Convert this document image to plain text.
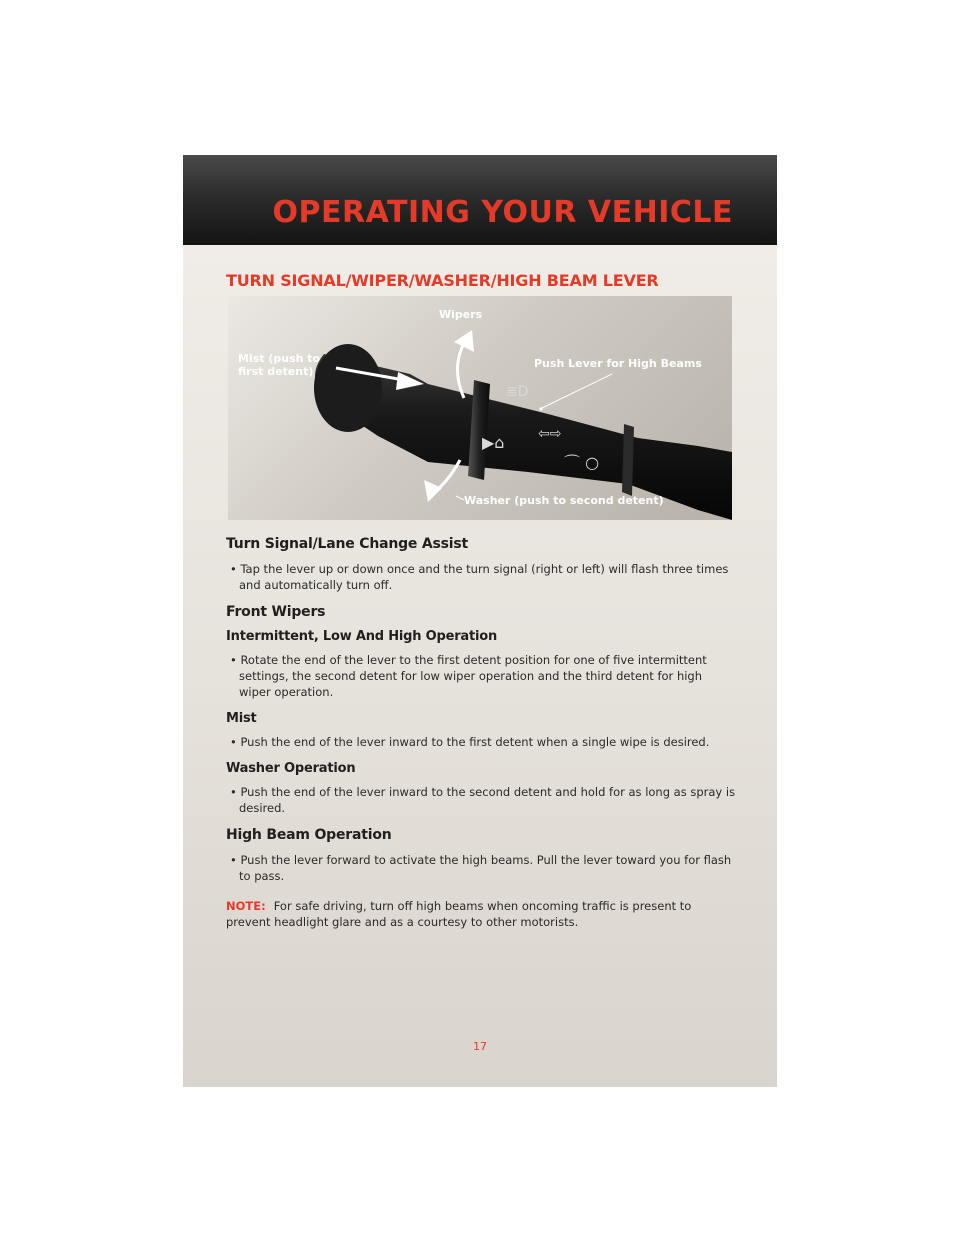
OPERATING YOUR VEHICLE
TURN SIGNAL/WIPER/WASHER/HIGH BEAM LEVER
≣D
⇦⇨
▶⌂
⌒ ○
Wipers
Mist (push to
first detent)
Push Lever for High Beams
Washer (push to second detent)
Turn Signal/Lane Change Assist
• Tap the lever up or down once and the turn signal (right or left) will flash three times and automatically turn off.
Front Wipers
Intermittent, Low And High Operation
• Rotate the end of the lever to the first detent position for one of five intermittent settings, the second detent for low wiper operation and the third detent for high wiper operation.
Mist
• Push the end of the lever inward to the first detent when a single wipe is desired.
Washer Operation
• Push the end of the lever inward to the second detent and hold for as long as spray is desired.
High Beam Operation
• Push the lever forward to activate the high beams. Pull the lever toward you for flash to pass.
NOTE: For safe driving, turn off high beams when oncoming traffic is present to prevent headlight glare and as a courtesy to other motorists.
17
